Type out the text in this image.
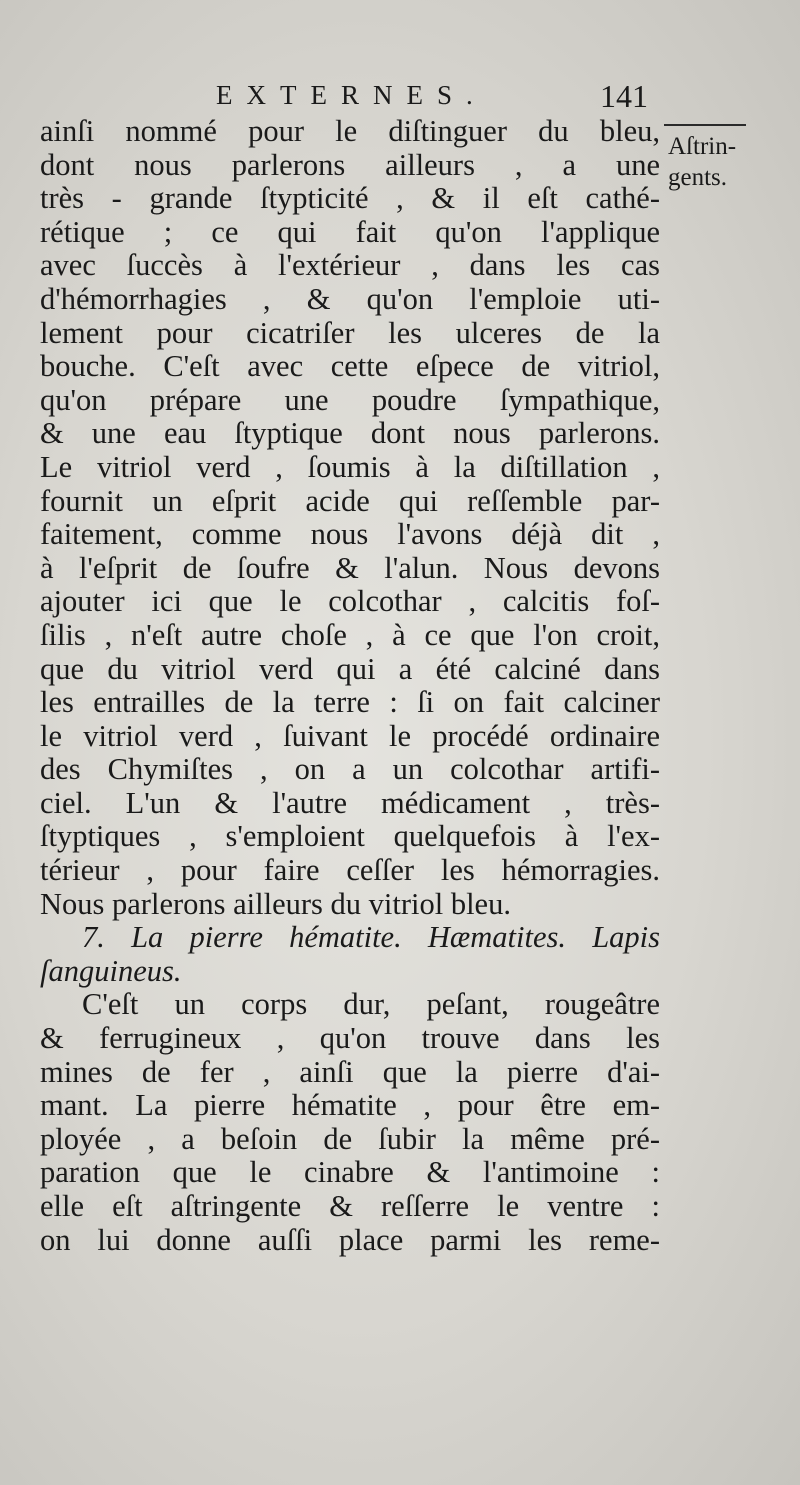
EXTERNES.	141
Aſtrin-
gents.
ainſi nommé pour le diſtinguer du bleu,
dont nous parlerons ailleurs , a une
très - grande ſtypticité , & il eſt cathé-
rétique ; ce qui fait qu'on l'applique
avec ſuccès à l'extérieur , dans les cas
d'hémorrhagies , & qu'on l'emploie uti-
lement pour cicatriſer les ulceres de la
bouche. C'eſt avec cette eſpece de vitriol,
qu'on prépare une poudre ſympathique,
& une eau ſtyptique dont nous parlerons.
Le vitriol verd , ſoumis à la diſtillation ,
fournit un eſprit acide qui reſſemble par-
faitement, comme nous l'avons déjà dit ,
à l'eſprit de ſoufre & l'alun. Nous devons
ajouter ici que le colcothar , calcitis foſ-
ſilis , n'eſt autre choſe , à ce que l'on croit,
que du vitriol verd qui a été calciné dans
les entrailles de la terre : ſi on fait calciner
le vitriol verd , ſuivant le procédé ordinaire
des Chymiſtes , on a un colcothar artifi-
ciel. L'un & l'autre médicament , très-
ſtyptiques , s'emploient quelquefois à l'ex-
térieur , pour faire ceſſer les hémorragies.
Nous parlerons ailleurs du vitriol bleu.
7. La pierre hématite. Hæmatites. Lapis
ſanguineus.
C'eſt un corps dur, peſant, rougeâtre
& ferrugineux , qu'on trouve dans les
mines de fer , ainſi que la pierre d'ai-
mant. La pierre hématite , pour être em-
ployée , a beſoin de ſubir la même pré-
paration que le cinabre & l'antimoine :
elle eſt aſtringente & reſſerre le ventre :
on lui donne auſſi place parmi les reme-
